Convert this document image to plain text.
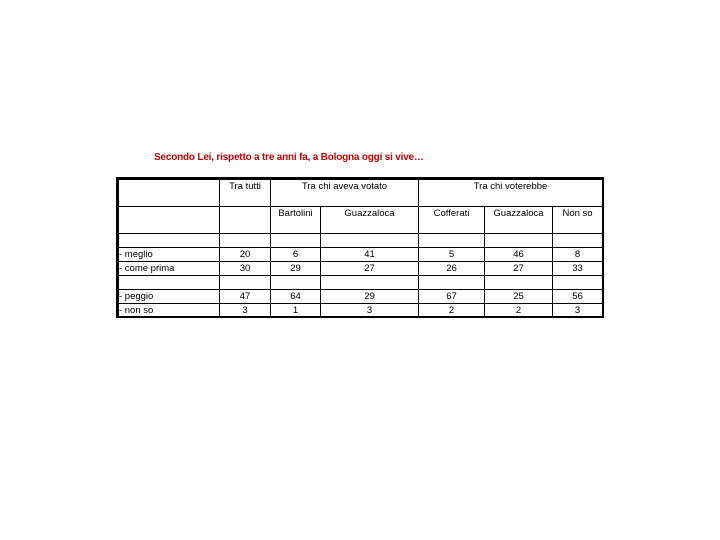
Secondo Lei, rispetto a tre anni fa, a Bologna oggi si vive…
	Tra tutti	Tra chi aveva votato		Tra chi voterebbe		
		Bartolini	Guazzaloca	Cofferati	Guazzaloca	Non so

- meglio	20	6	41	5	46	8
- come prima	30	29	27	26	27	33

- peggio	47	64	29	67	25	56
- non so	3	1	3	2	2	3
